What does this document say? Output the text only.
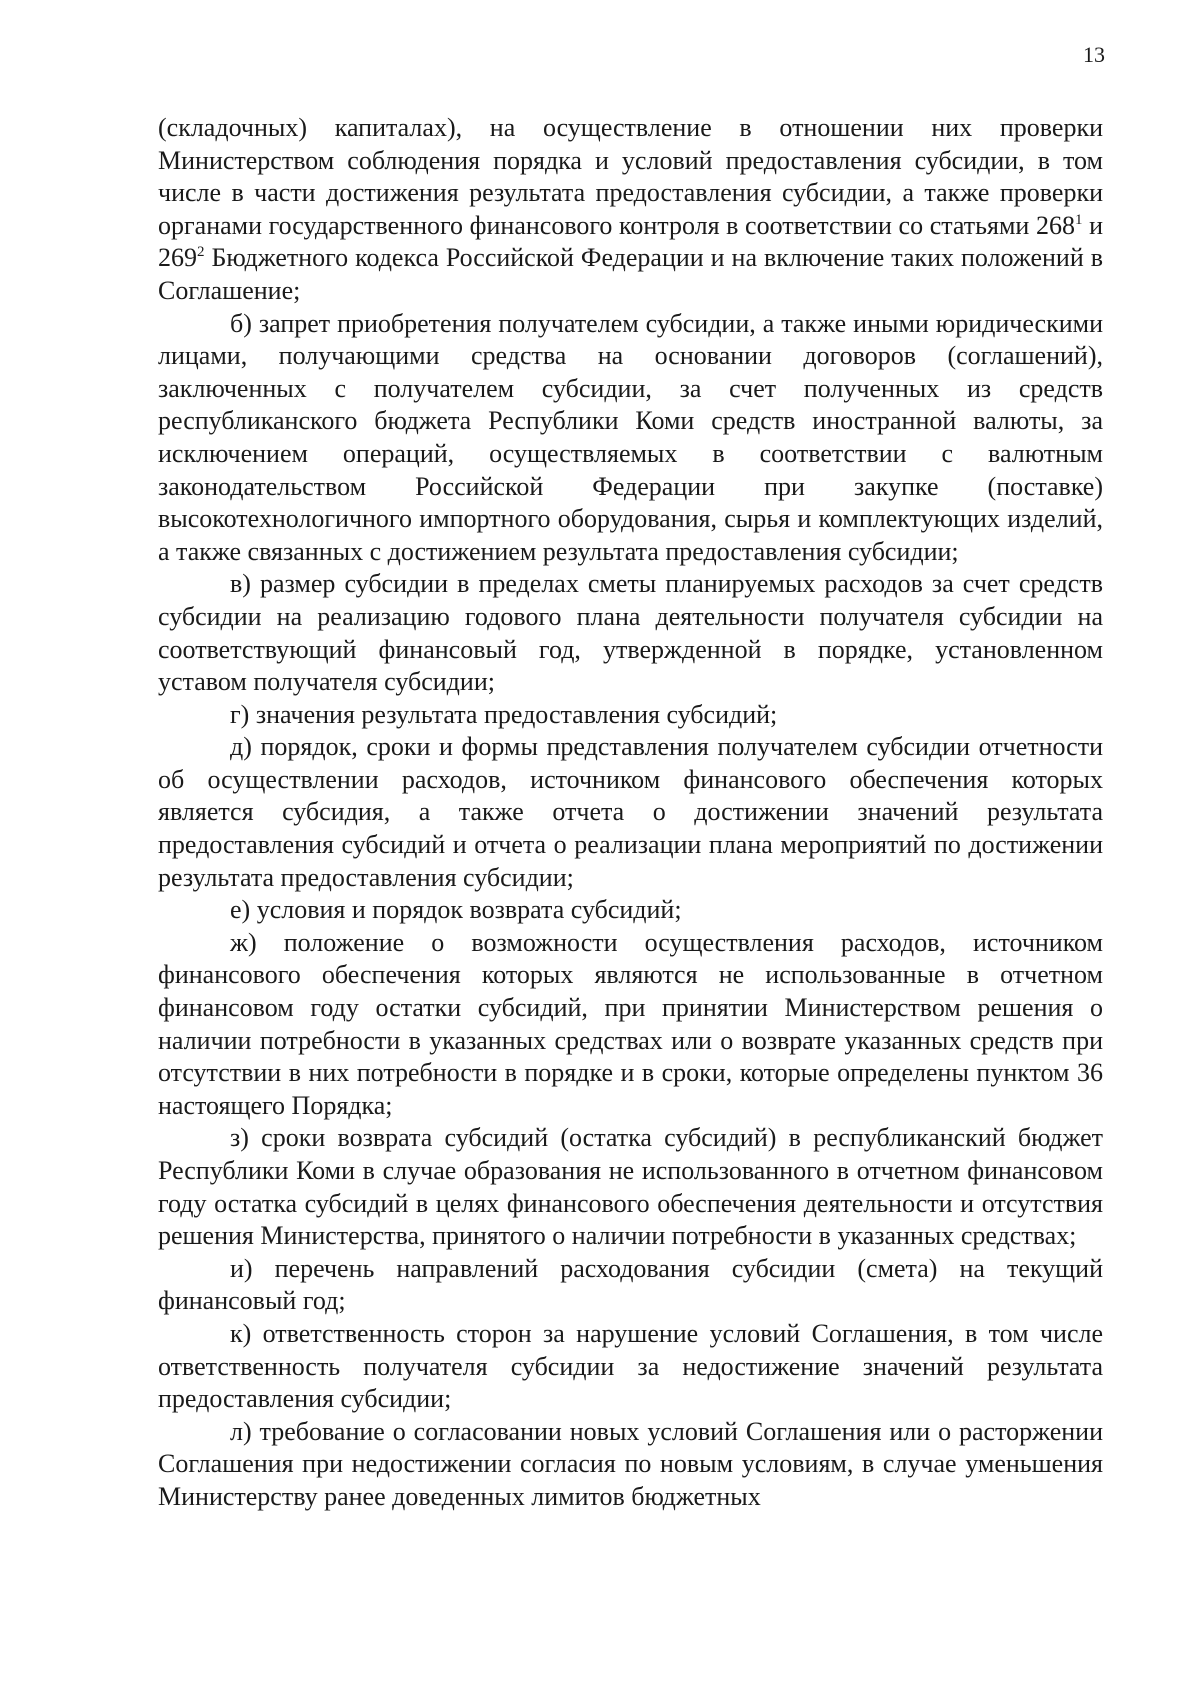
13

(складочных) капиталах), на осуществление в отношении них проверки Министерством соблюдения порядка и условий предоставления субсидии, в том числе в части достижения результата предоставления субсидии, а также проверки органами государственного финансового контроля в соответствии со статьями $268^1$ и $269^2$ Бюджетного кодекса Российской Федерации и на включение таких положений в Соглашение;

б) запрет приобретения получателем субсидии, а также иными юридическими лицами, получающими средства на основании договоров (соглашений), заключенных с получателем субсидии, за счет полученных из средств республиканского бюджета Республики Коми средств иностранной валюты, за исключением операций, осуществляемых в соответствии с валютным законодательством Российской Федерации при закупке (поставке) высокотехнологичного импортного оборудования, сырья и комплектующих изделий, а также связанных с достижением результата предоставления субсидии;

в) размер субсидии в пределах сметы планируемых расходов за счет средств субсидии на реализацию годового плана деятельности получателя субсидии на соответствующий финансовый год, утвержденной в порядке, установленном уставом получателя субсидии;

г) значения результата предоставления субсидий;

д) порядок, сроки и формы представления получателем субсидии отчетности об осуществлении расходов, источником финансового обеспечения которых является субсидия, а также отчета о достижении значений результата предоставления субсидий и отчета о реализации плана мероприятий по достижении результата предоставления субсидии;

е) условия и порядок возврата субсидий;

ж) положение о возможности осуществления расходов, источником финансового обеспечения которых являются не использованные в отчетном финансовом году остатки субсидий, при принятии Министерством решения о наличии потребности в указанных средствах или о возврате указанных средств при отсутствии в них потребности в порядке и в сроки, которые определены пунктом 36 настоящего Порядка;

з) сроки возврата субсидий (остатка субсидий) в республиканский бюджет Республики Коми в случае образования не использованного в отчетном финансовом году остатка субсидий в целях финансового обеспечения деятельности и отсутствия решения Министерства, принятого о наличии потребности в указанных средствах;

и) перечень направлений расходования субсидии (смета) на текущий финансовый год;

к) ответственность сторон за нарушение условий Соглашения, в том числе ответственность получателя субсидии за недостижение значений результата предоставления субсидии;

л) требование о согласовании новых условий Соглашения или о расторжении Соглашения при недостижении согласия по новым условиям, в случае уменьшения Министерству ранее доведенных лимитов бюджетных
